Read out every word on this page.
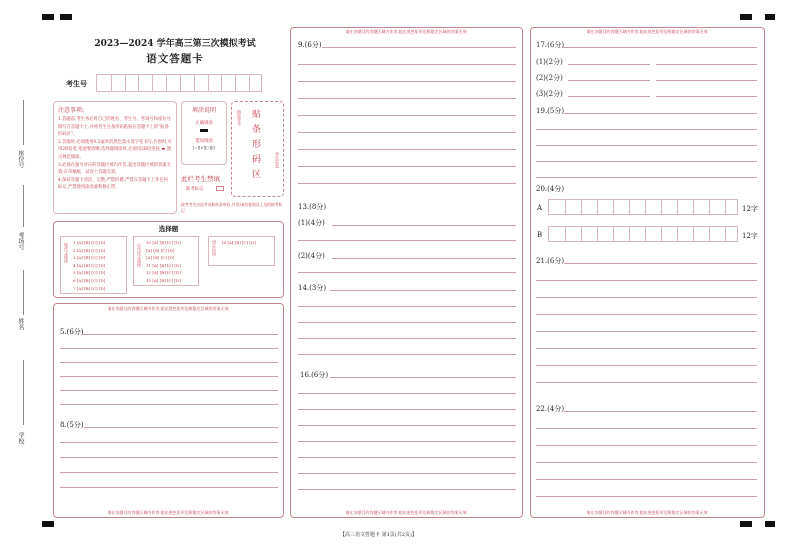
座位号
考场号
姓名
学校
2023—2024 学年高三第三次模拟考试
语文答题卡
考生号
注意事项:
1.答题前,考生务必将自己的姓名、考生号、考场号和座位号填写在答题卡上,并将考生号条形码粘贴在答题卡上的"贴条形码区"。
2.答题时,必须使用0.5毫米的黑色墨水签字笔书写;作图时,可用2B铅笔,笔迹要清晰;选择题填涂时,必须用2B铅笔按 ▬ 图示规范填涂。
3.必须在题号对应的答题区域内作答,超出答题区域的答案无效;在草稿纸、试卷上答题无效。
4.保持答题卡清洁、完整,严禁折叠,严禁在答题卡上作任何标记,严禁使用涂改液和修正带。
填涂说明
正确填涂
错误填涂
[✓][×][○][/]
此栏考生禁填
缺考标记
缺考考生由监考员粘贴条形码,并用2B铅笔填涂上边的缺考标记
贴条形码区
填涂考号
考生信息
选择题
现代文阅读
1 [A] [B] [C] [D]
2 [A] [B] [C] [D]
3 [A] [B] [C] [D]
4 [A] [B] [C] [D]
5 [A] [B] [C] [D]
6 [A] [B] [C] [D]
7 [A] [B] [C] [D]
古代诗文阅读
10 [A] [B] [C] [D]
[A] [B] [C] [D]
[A] [B] [C] [D]
11 [A] [B] [C] [D]
12 [A] [B] [C] [D]
15 [A] [B] [C] [D]
语言运用 18 [A] [B] [C] [D]
请在各题目的答题区域内作答,超出黑色矩形边框限定区域的答案无效
5.(6分)
8.(5分)
请在各题目的答题区域内作答,超出黑色矩形边框限定区域的答案无效
请在各题目的答题区域内作答,超出黑色矩形边框限定区域的答案无效
9.(6分)
13.(8分)
(1)(4分)
(2)(4分)
14.(3分)
16.(6分)
请在各题目的答题区域内作答,超出黑色矩形边框限定区域的答案无效
请在各题目的答题区域内作答,超出黑色矩形边框限定区域的答案无效
17.(6分)
(1)(2分)
(2)(2分)
(3)(2分)
19.(5分)
20.(4分)
A	12字
B	12字
21.(6分)
22.(4分)
请在各题目的答题区域内作答,超出黑色矩形边框限定区域的答案无效
【高三语文答题卡 第1页(共2页)】
